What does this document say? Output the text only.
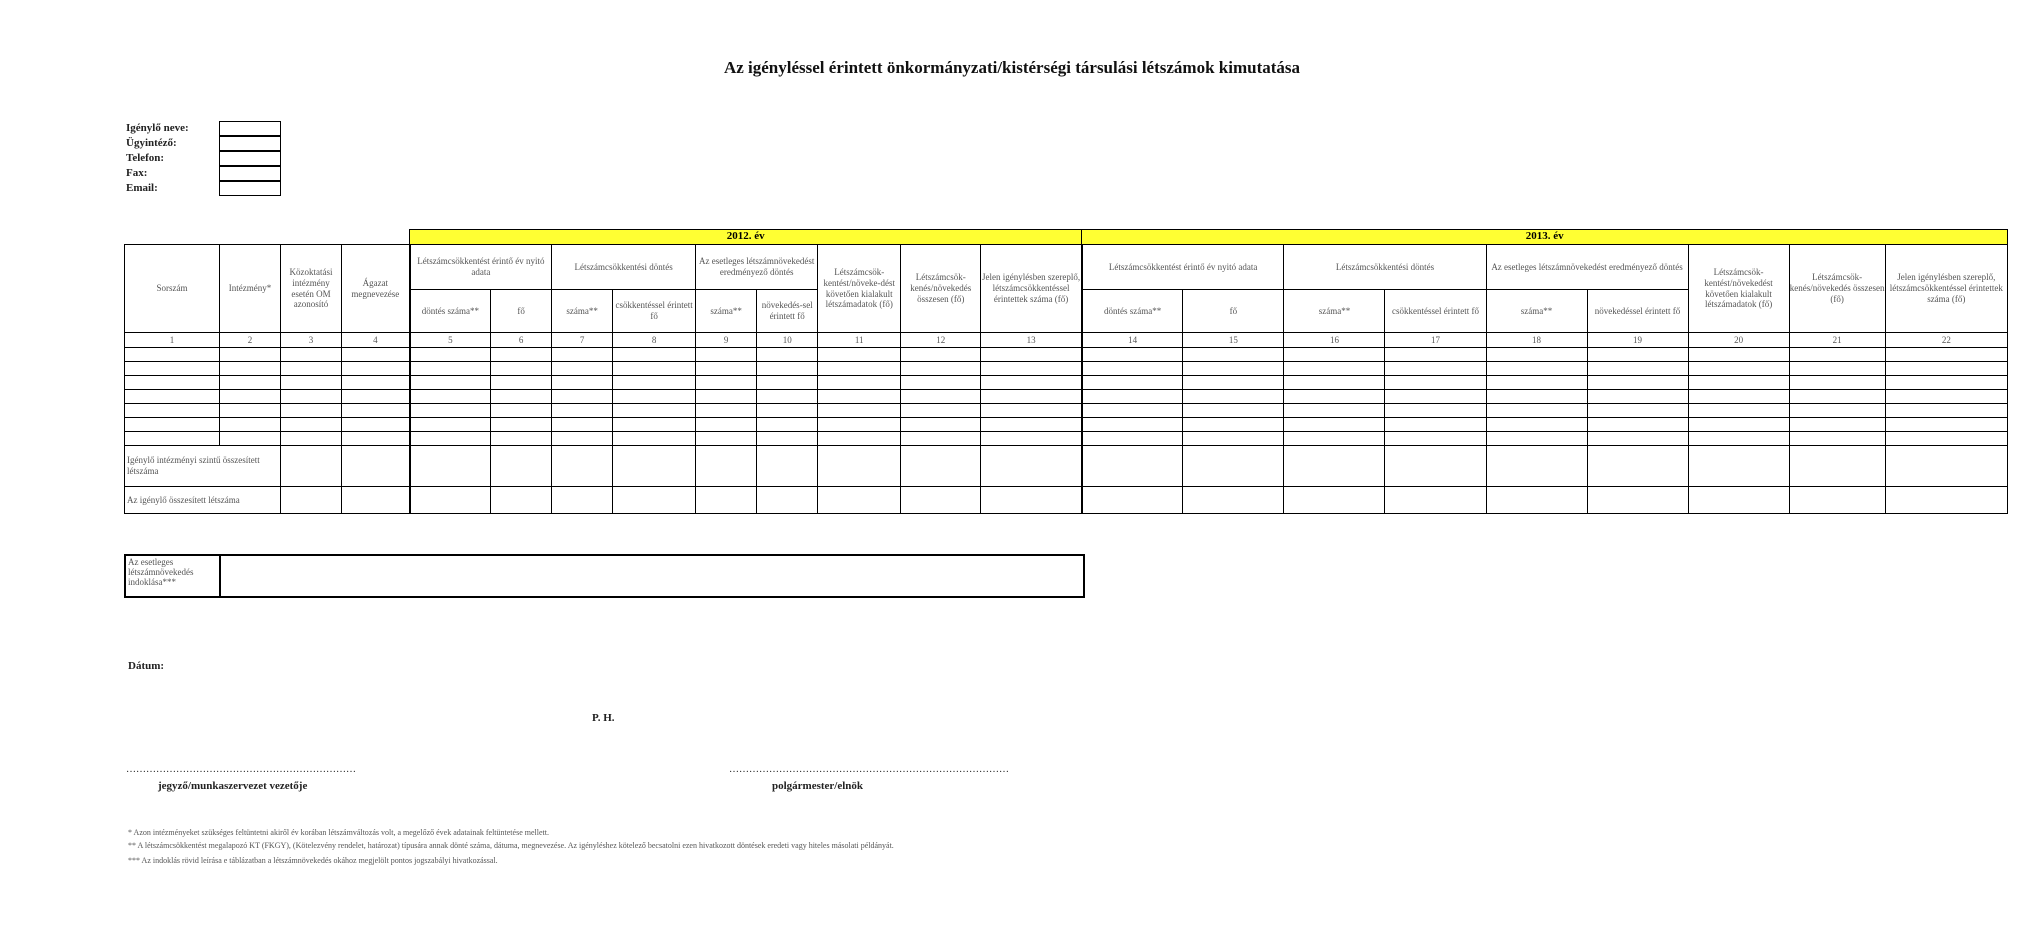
Az igényléssel érintett önkormányzati/kistérségi társulási létszámok kimutatása
Igénylő neve:
Ügyintéző:
Telefon:
Fax:
Email:
				2012. év									2013. év								
Sorszám	Intézmény*	Közoktatási intézmény esetén OM azonosító	Ágazat megnevezése	Létszámcsökkentést érintő év nyitó adata		Létszámcsökkentési döntés		Az esetleges létszámnövekedést eredményező döntés		Létszámcsök-kentést/növeke-dést követően kialakult létszámadatok (fő)	Létszámcsök-kenés/növekedés összesen (fő)	Jelen igénylésben szereplő, létszámcsökkentéssel érintettek száma (fő)	Létszámcsökkentést érintő év nyitó adata		Létszámcsökkentési döntés		Az esetleges létszámnövekedést eredményező döntés		Létszámcsök-kentést/növekedést követően kialakult létszámadatok (fő)	Létszámcsök-kenés/növekedés összesen (fő)	Jelen igénylésben szereplő, létszámcsökkentéssel érintettek száma (fő)
				döntés száma**	fő	száma**	csökkentéssel érintett fő	száma**	növekedés-sel érintett fő				döntés száma**	fő	száma**	csökkentéssel érintett fő	száma**	növekedéssel érintett fő			
1	2	3	4	5	6	7	8	9	10	11	12	13	14	15	16	17	18	19	20	21	22

Igénylő intézményi szintű összesített létszáma																					
Az igénylő összesített létszáma																					
Az esetleges létszámnövekedés indoklása***	
Dátum:
P. H.
……………………………………………………………	…………………………………………………………………………
jegyző/munkaszervezet vezetője	polgármester/elnök
* Azon intézményeket szükséges feltüntetni akiről év korában létszámváltozás volt, a megelőző évek adatainak feltüntetése mellett.
** A létszámcsökkentést megalapozó KT (FKGY), (Kötelezvény rendelet, határozat) típusára annak dönté száma, dátuma, megnevezése. Az igényléshez kötelező becsatolni ezen hivatkozott döntések eredeti vagy hiteles másolati példányát.
*** Az indoklás rövid leírása e táblázatban a létszámnövekedés okához megjelölt pontos jogszabályi hivatkozással.
